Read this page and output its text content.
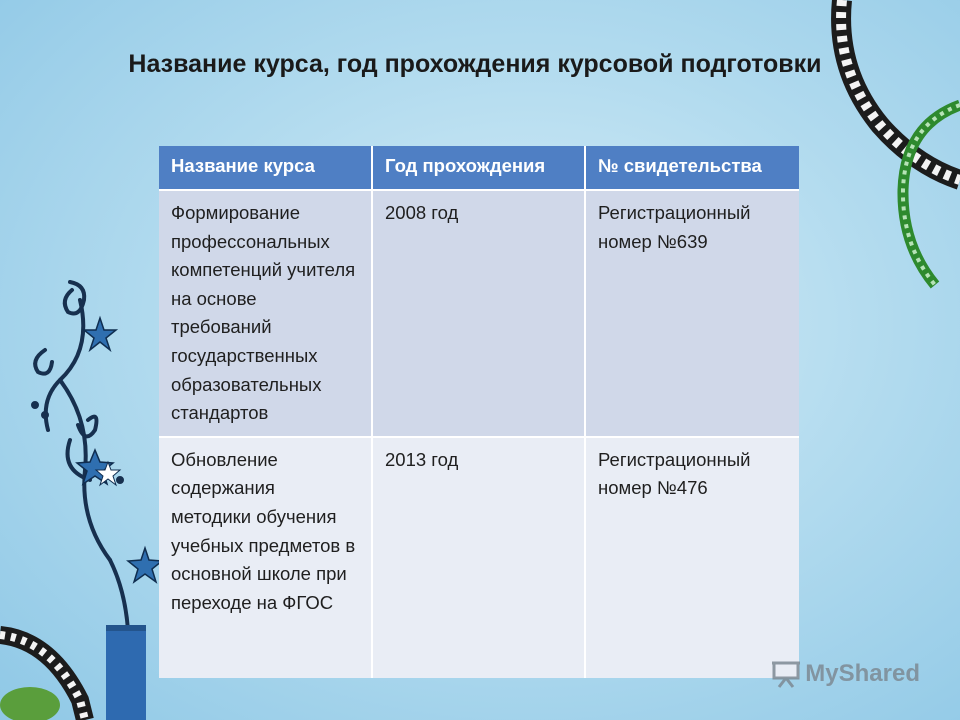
Название курса, год прохождения курсовой подготовки
Название курса	Год прохождения	№ свидетельства
Формирование профессональных компетенций учителя на основе требований государственных образовательных стандартов	2008 год	Регистрационный номер №639
Обновление содержания методики обучения учебных предметов в основной школе при переходе на ФГОС	2013 год	Регистрационный номер №476
MyShared
